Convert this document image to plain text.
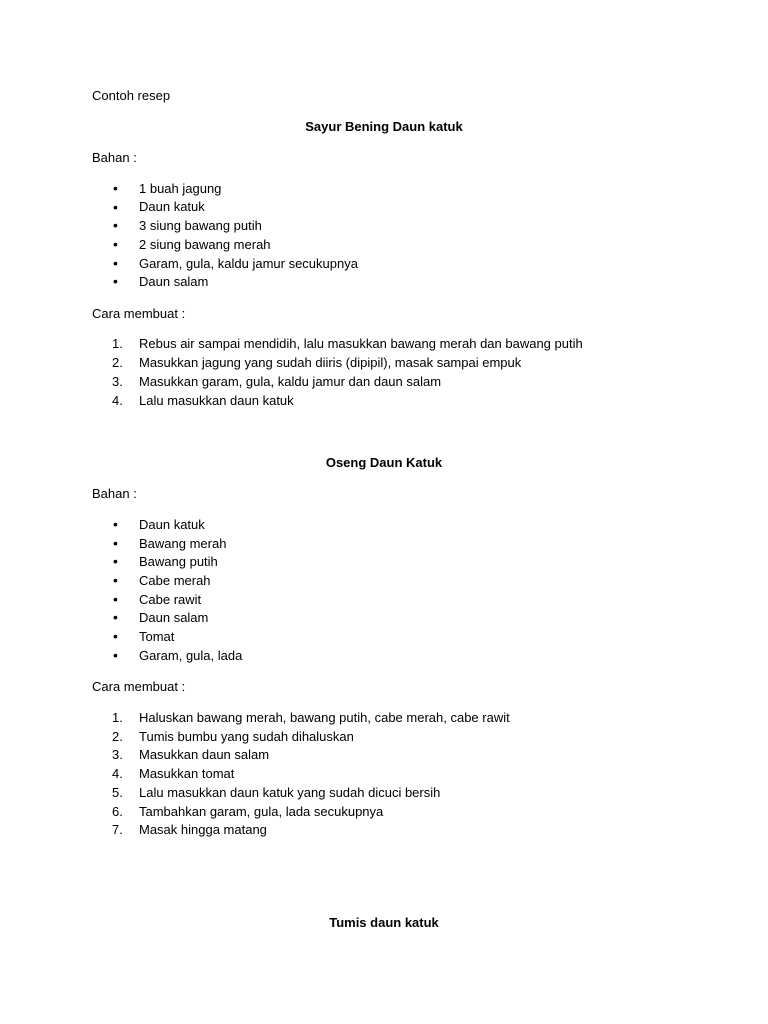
Contoh resep
Sayur Bening Daun katuk
Bahan :
•	1 buah jagung
•	Daun katuk
•	3 siung bawang putih
•	2 siung bawang merah
•	Garam, gula, kaldu jamur secukupnya
•	Daun salam
Cara membuat :
1.	Rebus air sampai mendidih, lalu masukkan bawang merah dan bawang putih
2.	Masukkan jagung yang sudah diiris (dipipil), masak sampai empuk
3.	Masukkan garam, gula, kaldu jamur dan daun salam
4.	Lalu masukkan daun katuk
Oseng Daun Katuk
Bahan :
•	Daun katuk
•	Bawang merah
•	Bawang putih
•	Cabe merah
•	Cabe rawit
•	Daun salam
•	Tomat
•	Garam, gula, lada
Cara membuat :
1.	Haluskan bawang merah, bawang putih, cabe merah, cabe rawit
2.	Tumis bumbu yang sudah dihaluskan
3.	Masukkan daun salam
4.	Masukkan tomat
5.	Lalu masukkan daun katuk yang sudah dicuci bersih
6.	Tambahkan garam, gula, lada secukupnya
7.	Masak hingga matang
Tumis daun katuk
